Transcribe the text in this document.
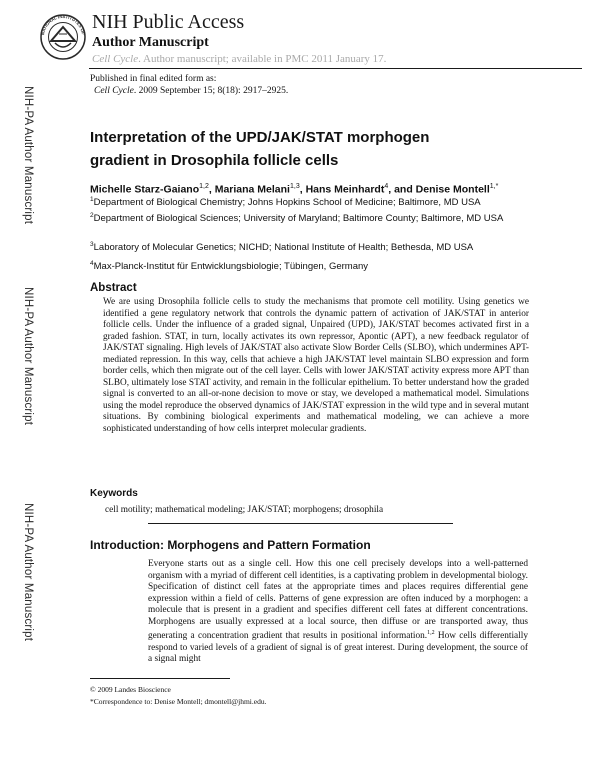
NATIONAL INSTITUTES OF
NIH Public Access
Author Manuscript
Cell Cycle. Author manuscript; available in PMC 2011 January 17.
Published in final edited form as:
Cell Cycle. 2009 September 15; 8(18): 2917–2925.
NIH-PA Author Manuscript
NIH-PA Author Manuscript
NIH-PA Author Manuscript
Interpretation of the UPD/JAK/STAT morphogen gradient in Drosophila follicle cells
Michelle Starz-Gaiano$^{1,2}$, Mariana Melani$^{1,3}$, Hans Meinhardt$^4$, and Denise Montell$^{1,*}$
$^1$Department of Biological Chemistry; Johns Hopkins School of Medicine; Baltimore, MD USA
$^2$Department of Biological Sciences; University of Maryland; Baltimore County; Baltimore, MD USA
$^3$Laboratory of Molecular Genetics; NICHD; National Institute of Health; Bethesda, MD USA
$^4$Max-Planck-Institut für Entwicklungsbiologie; Tübingen, Germany
Abstract
We are using Drosophila follicle cells to study the mechanisms that promote cell motility. Using genetics we identified a gene regulatory network that controls the dynamic pattern of activation of JAK/STAT in anterior follicle cells. Under the influence of a graded signal, Unpaired (UPD), JAK/STAT becomes activated first in a graded fashion. STAT, in turn, locally activates its own repressor, Apontic (APT), a new feedback regulator of JAK/STAT signaling. High levels of JAK/STAT also activate Slow Border Cells (SLBO), which undermines APT-mediated repression. In this way, cells that achieve a high JAK/STAT level maintain SLBO expression and form border cells, which then migrate out of the cell layer. Cells with lower JAK/STAT activity express more APT than SLBO, ultimately lose STAT activity, and remain in the follicular epithelium. To better understand how the graded signal is converted to an all-or-none decision to move or stay, we developed a mathematical model. Simulations using the model reproduce the observed dynamics of JAK/STAT expression in the wild type and in several mutant situations. By combining biological experiments and mathematical modeling, we can achieve a more sophisticated understanding of how cells interpret molecular gradients.
Keywords
cell motility; mathematical modeling; JAK/STAT; morphogens; drosophila
Introduction: Morphogens and Pattern Formation
Everyone starts out as a single cell. How this one cell precisely develops into a well-patterned organism with a myriad of different cell identities, is a captivating problem in developmental biology. Specification of distinct cell fates at the appropriate times and places requires differential gene expression within a field of cells. Patterns of gene expression are often induced by a morphogen: a molecule that is present in a gradient and specifies different cell fates at different concentrations. Morphogens are usually expressed at a local source, then diffuse or are transported away, thus generating a concentration gradient that results in positional information.$^{1,2}$ How cells differentially respond to varied levels of a gradient of signal is of great interest. During development, the source of a signal might
© 2009 Landes Bioscience
*Correspondence to: Denise Montell; dmontell@jhmi.edu.
